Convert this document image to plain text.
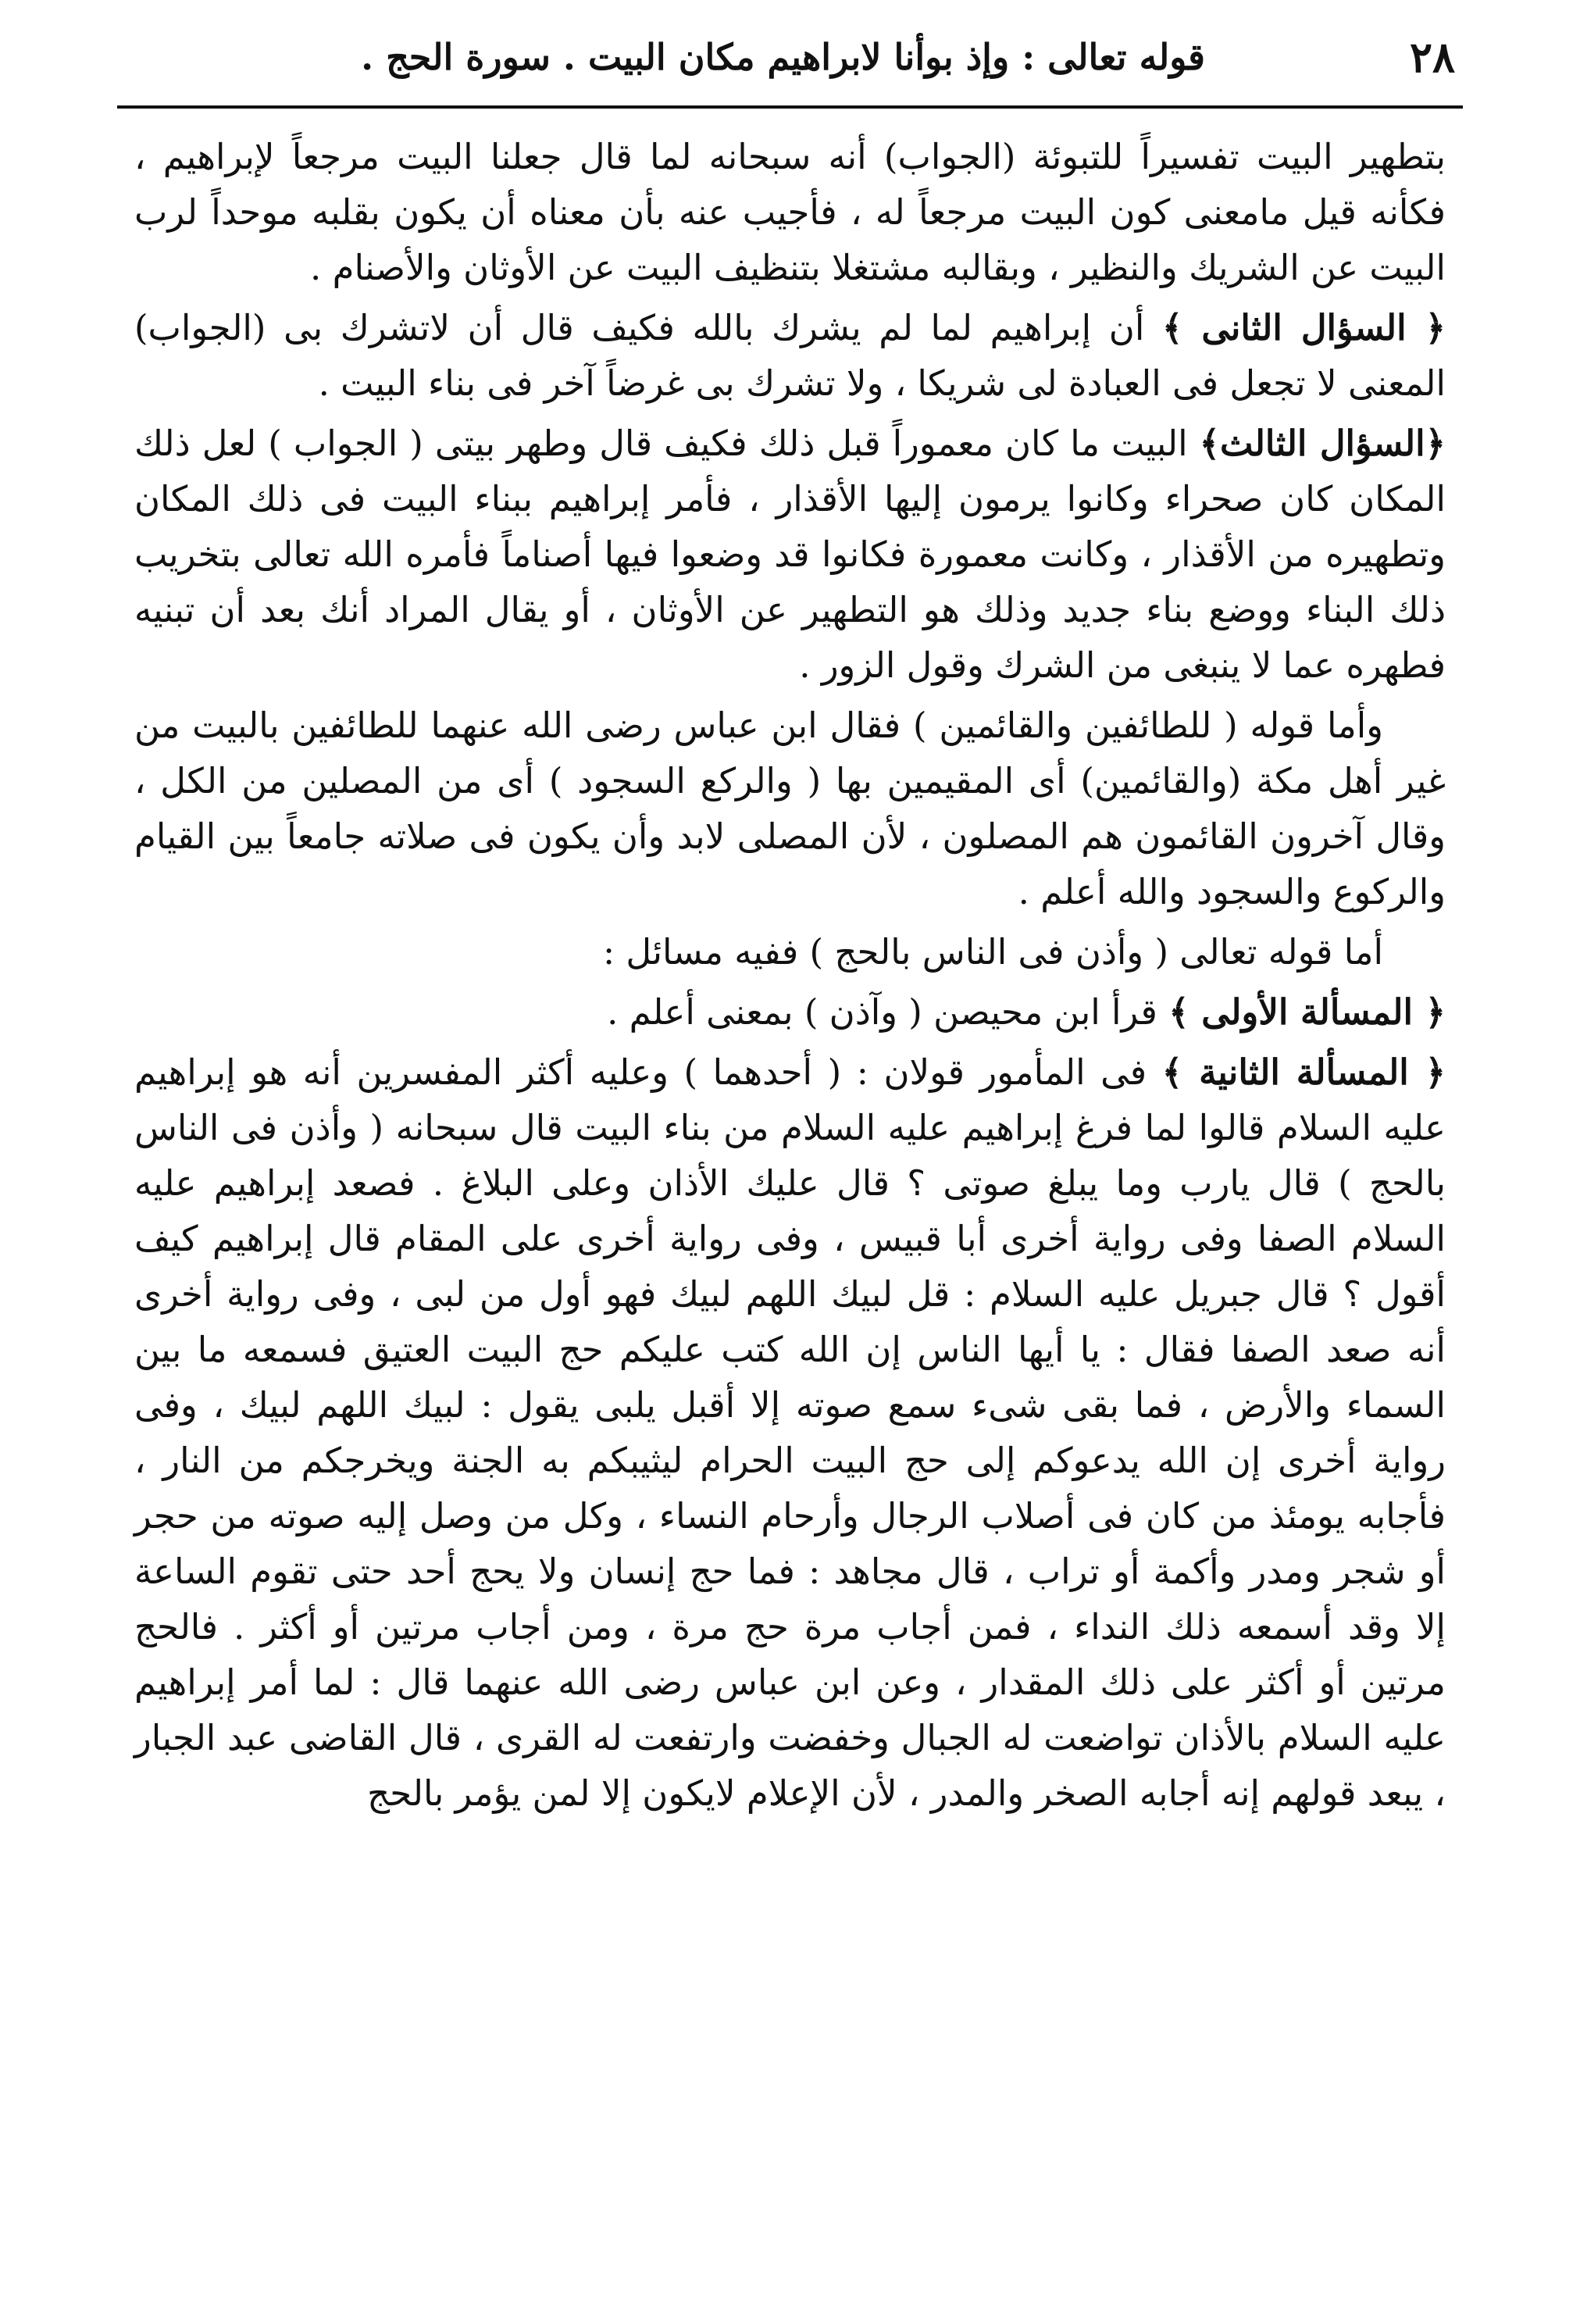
٢٨
قوله تعالى : وإذ بوأنا لابراهيم مكان البيت . سورة الحج .

بتطهير البيت تفسيراً للتبوئة (الجواب) أنه سبحانه لما قال جعلنا البيت مرجعاً لإبراهيم ، فكأنه قيل مامعنى كون البيت مرجعاً له ، فأجيب عنه بأن معناه أن يكون بقلبه موحداً لرب البيت عن الشريك والنظير ، وبقالبه مشتغلا بتنظيف البيت عن الأوثان والأصنام .

﴿ السؤال الثانى ﴾ أن إبراهيم لما لم يشرك بالله فكيف قال أن لاتشرك بى (الجواب) المعنى لا تجعل فى العبادة لى شريكا ، ولا تشرك بى غرضاً آخر فى بناء البيت .

﴿السؤال الثالث﴾ البيت ما كان معموراً قبل ذلك فكيف قال وطهر بيتى ( الجواب ) لعل ذلك المكان كان صحراء وكانوا يرمون إليها الأقذار ، فأمر إبراهيم ببناء البيت فى ذلك المكان وتطهيره من الأقذار ، وكانت معمورة فكانوا قد وضعوا فيها أصناماً فأمره الله تعالى بتخريب ذلك البناء ووضع بناء جديد وذلك هو التطهير عن الأوثان ، أو يقال المراد أنك بعد أن تبنيه فطهره عما لا ينبغى من الشرك وقول الزور .

وأما قوله ( للطائفين والقائمين ) فقال ابن عباس رضى الله عنهما للطائفين بالبيت من غير أهل مكة (والقائمين) أى المقيمين بها ( والركع السجود ) أى من المصلين من الكل ، وقال آخرون القائمون هم المصلون ، لأن المصلى لابد وأن يكون فى صلاته جامعاً بين القيام والركوع والسجود والله أعلم .

أما قوله تعالى ( وأذن فى الناس بالحج ) ففيه مسائل :

﴿ المسألة الأولى ﴾ قرأ ابن محيصن ( وآذن ) بمعنى أعلم .

﴿ المسألة الثانية ﴾ فى المأمور قولان : ( أحدهما ) وعليه أكثر المفسرين أنه هو إبراهيم عليه السلام قالوا لما فرغ إبراهيم عليه السلام من بناء البيت قال سبحانه ( وأذن فى الناس بالحج ) قال يارب وما يبلغ صوتى ؟ قال عليك الأذان وعلى البلاغ . فصعد إبراهيم عليه السلام الصفا وفى رواية أخرى أبا قبيس ، وفى رواية أخرى على المقام قال إبراهيم كيف أقول ؟ قال جبريل عليه السلام : قل لبيك اللهم لبيك فهو أول من لبى ، وفى رواية أخرى أنه صعد الصفا فقال : يا أيها الناس إن الله كتب عليكم حج البيت العتيق فسمعه ما بين السماء والأرض ، فما بقى شىء سمع صوته إلا أقبل يلبى يقول : لبيك اللهم لبيك ، وفى رواية أخرى إن الله يدعوكم إلى حج البيت الحرام ليثيبكم به الجنة ويخرجكم من النار ، فأجابه يومئذ من كان فى أصلاب الرجال وأرحام النساء ، وكل من وصل إليه صوته من حجر أو شجر ومدر وأكمة أو تراب ، قال مجاهد : فما حج إنسان ولا يحج أحد حتى تقوم الساعة إلا وقد أسمعه ذلك النداء ، فمن أجاب مرة حج مرة ، ومن أجاب مرتين أو أكثر . فالحج مرتين أو أكثر على ذلك المقدار ، وعن ابن عباس رضى الله عنهما قال : لما أمر إبراهيم عليه السلام بالأذان تواضعت له الجبال وخفضت وارتفعت له القرى ، قال القاضى عبد الجبار ، يبعد قولهم إنه أجابه الصخر والمدر ، لأن الإعلام لايكون إلا لمن يؤمر بالحج
